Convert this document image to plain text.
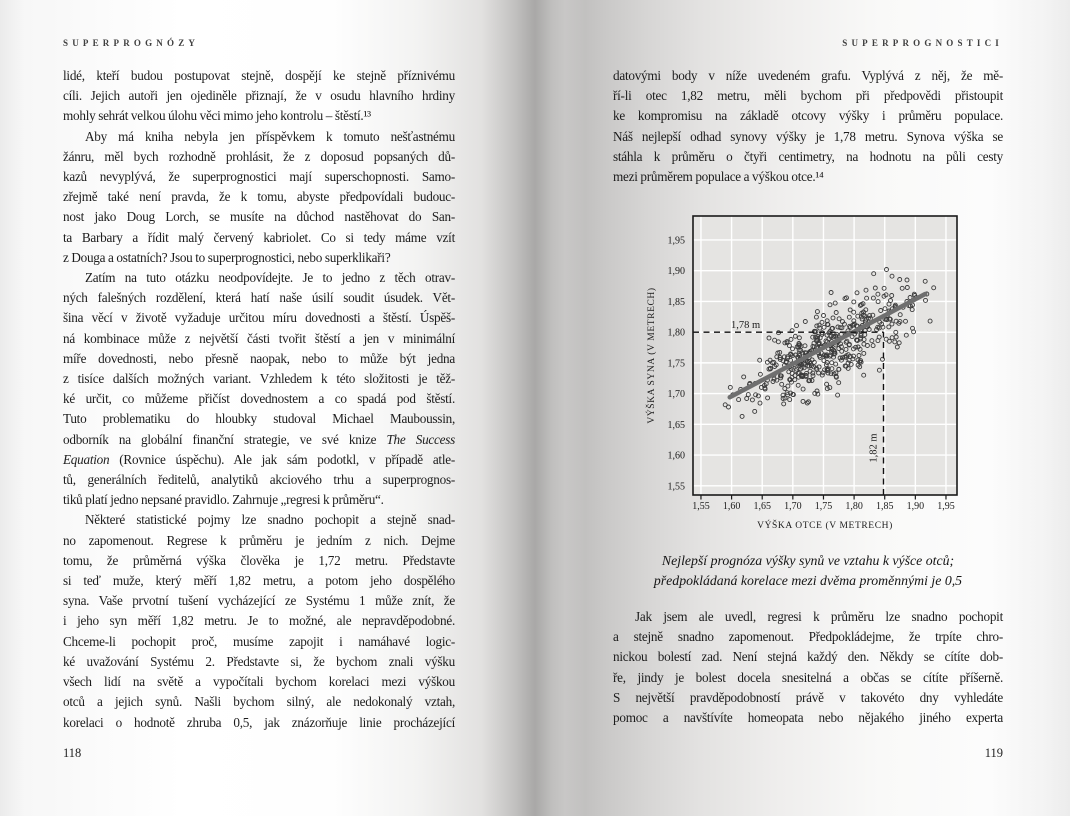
SUPERPROGNÓZY
lidé, kteří budou postupovat stejně, dospějí ke stejně příznivému
cíli. Jejich autoři jen ojediněle přiznají, že v osudu hlavního hrdiny
mohly sehrát velkou úlohu věci mimo jeho kontrolu – štěstí.¹³
Aby má kniha nebyla jen příspěvkem k tomuto nešťastnému
žánru, měl bych rozhodně prohlásit, že z doposud popsaných dů-
kazů nevyplývá, že superprognostici mají superschopnosti. Samo-
zřejmě také není pravda, že k tomu, abyste předpovídali budouc-
nost jako Doug Lorch, se musíte na důchod nastěhovat do San-
ta Barbary a řídit malý červený kabriolet. Co si tedy máme vzít
z Douga a ostatních? Jsou to superprognostici, nebo superklikaři?
Zatím na tuto otázku neodpovídejte. Je to jedno z těch otrav-
ných falešných rozdělení, která hatí naše úsilí soudit úsudek. Vět-
šina věcí v životě vyžaduje určitou míru dovednosti a štěstí. Úspěš-
ná kombinace může z největší části tvořit štěstí a jen v minimální
míře dovednosti, nebo přesně naopak, nebo to může být jedna
z tisíce dalších možných variant. Vzhledem k této složitosti je těž-
ké určit, co můžeme přičíst dovednostem a co spadá pod štěstí.
Tuto problematiku do hloubky studoval Michael Mauboussin,
odborník na globální finanční strategie, ve své knize The Success
Equation (Rovnice úspěchu). Ale jak sám podotkl, v případě atle-
tů, generálních ředitelů, analytiků akciového trhu a superprognos-
tiků platí jedno nepsané pravidlo. Zahrnuje „regresi k průměru“.
Některé statistické pojmy lze snadno pochopit a stejně snad-
no zapomenout. Regrese k průměru je jedním z nich. Dejme
tomu, že průměrná výška člověka je 1,72 metru. Představte
si teď muže, který měří 1,82 metru, a potom jeho dospělého
syna. Vaše prvotní tušení vycházející ze Systému 1 může znít, že
i jeho syn měří 1,82 metru. Je to možné, ale nepravděpodobné.
Chceme-li pochopit proč, musíme zapojit i namáhavé logic-
ké uvažování Systému 2. Představte si, že bychom znali výšku
všech lidí na světě a vypočítali bychom korelaci mezi výškou
otců a jejich synů. Našli bychom silný, ale nedokonalý vztah,
korelaci o hodnotě zhruba 0,5, jak znázorňuje linie procházející
118
SUPERPROGNOSTICI
datovými body v níže uvedeném grafu. Vyplývá z něj, že mě-
ří-li otec 1,82 metru, měli bychom při předpovědi přistoupit
ke kompromisu na základě otcovy výšky i průměru populace.
Náš nejlepší odhad synovy výšky je 1,78 metru. Synova výška se
stáhla k průměru o čtyři centimetry, na hodnotu na půli cesty
mezi průměrem populace a výškou otce.¹⁴
1,78 m
1,82 m
1,55 1,60 1,65 1,70 1,75 1,80 1,85 1,90 1,95
1,55
1,60
1,65
1,70
1,75
1,80
1,85
1,90
1,95
VÝŠKA OTCE (V METRECH)
VÝŠKA SYNA (V METRECH)
Nejlepší prognóza výšky synů ve vztahu k výšce otců;
předpokládaná korelace mezi dvěma proměnnými je 0,5
Jak jsem ale uvedl, regresi k průměru lze snadno pochopit
a stejně snadno zapomenout. Předpokládejme, že trpíte chro-
nickou bolestí zad. Není stejná každý den. Někdy se cítíte dob-
ře, jindy je bolest docela snesitelná a občas se cítíte příšerně.
S největší pravděpodobností právě v takovéto dny vyhledáte
pomoc a navštívíte homeopata nebo nějakého jiného experta
119
